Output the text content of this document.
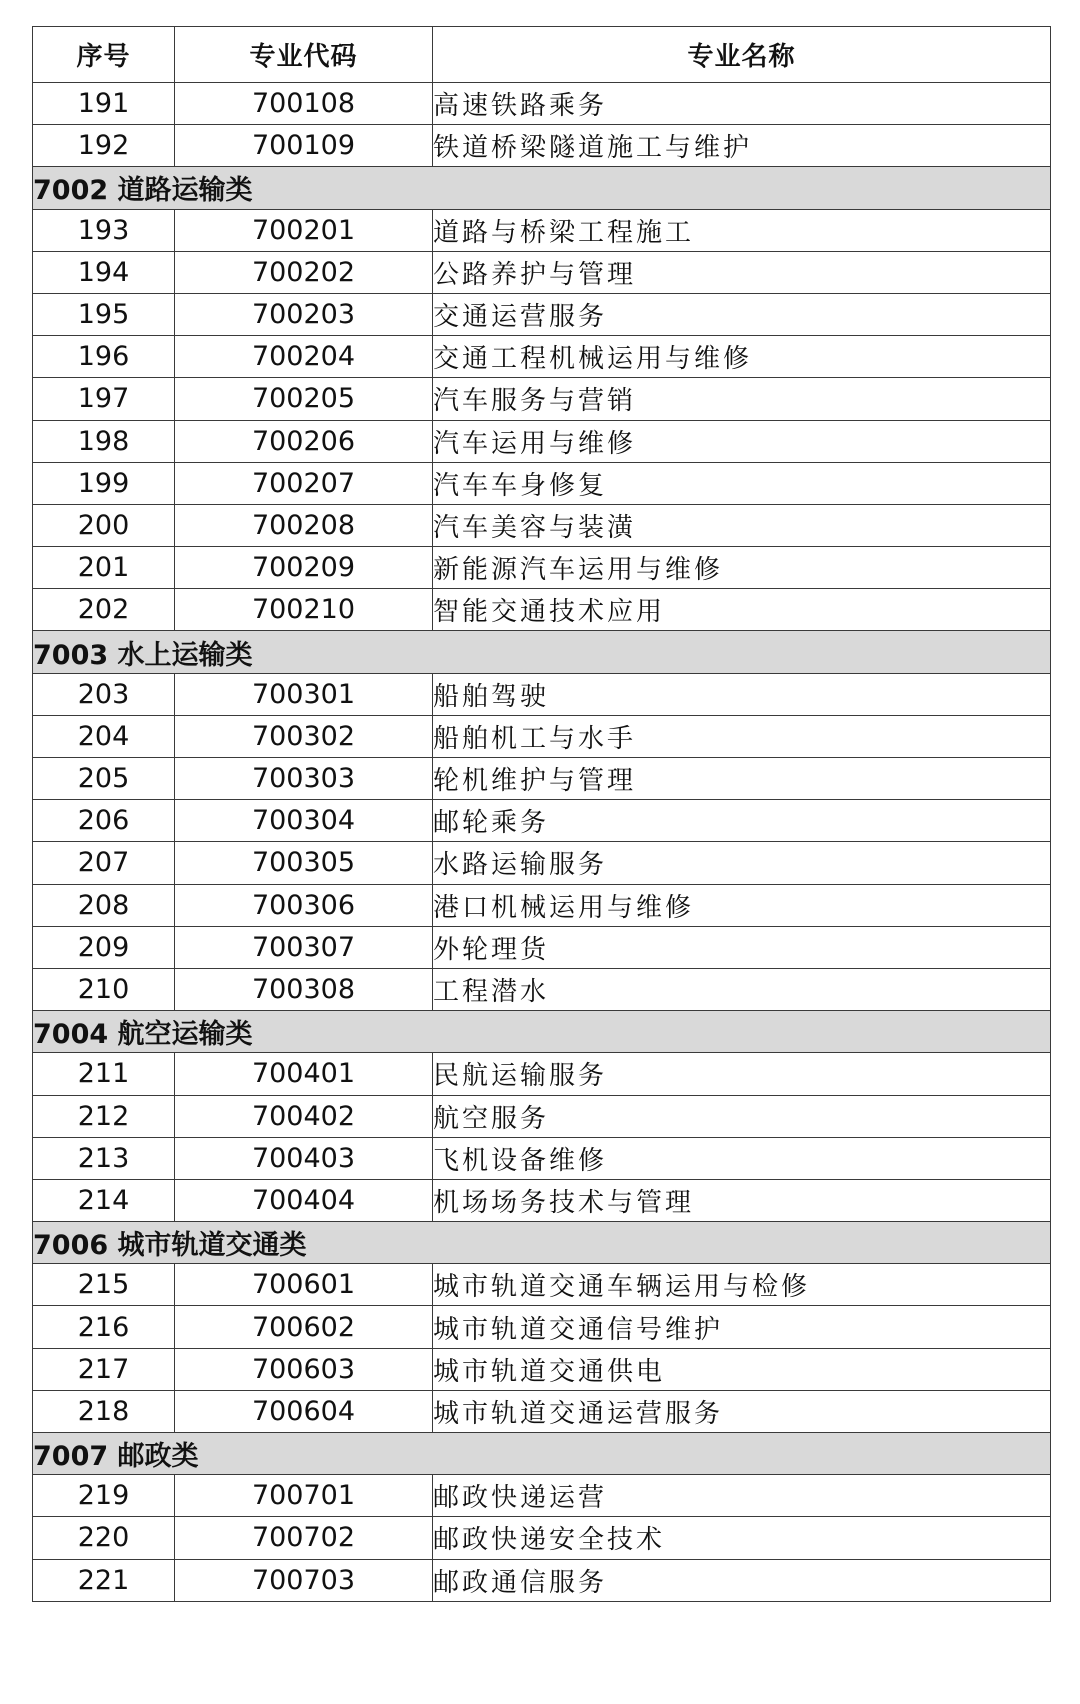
序号	专业代码	专业名称
191	700108	高速铁路乘务
192	700109	铁道桥梁隧道施工与维护
7002 道路运输类		
193	700201	道路与桥梁工程施工
194	700202	公路养护与管理
195	700203	交通运营服务
196	700204	交通工程机械运用与维修
197	700205	汽车服务与营销
198	700206	汽车运用与维修
199	700207	汽车车身修复
200	700208	汽车美容与装潢
201	700209	新能源汽车运用与维修
202	700210	智能交通技术应用
7003 水上运输类		
203	700301	船舶驾驶
204	700302	船舶机工与水手
205	700303	轮机维护与管理
206	700304	邮轮乘务
207	700305	水路运输服务
208	700306	港口机械运用与维修
209	700307	外轮理货
210	700308	工程潜水
7004 航空运输类		
211	700401	民航运输服务
212	700402	航空服务
213	700403	飞机设备维修
214	700404	机场场务技术与管理
7006 城市轨道交通类		
215	700601	城市轨道交通车辆运用与检修
216	700602	城市轨道交通信号维护
217	700603	城市轨道交通供电
218	700604	城市轨道交通运营服务
7007 邮政类		
219	700701	邮政快递运营
220	700702	邮政快递安全技术
221	700703	邮政通信服务
